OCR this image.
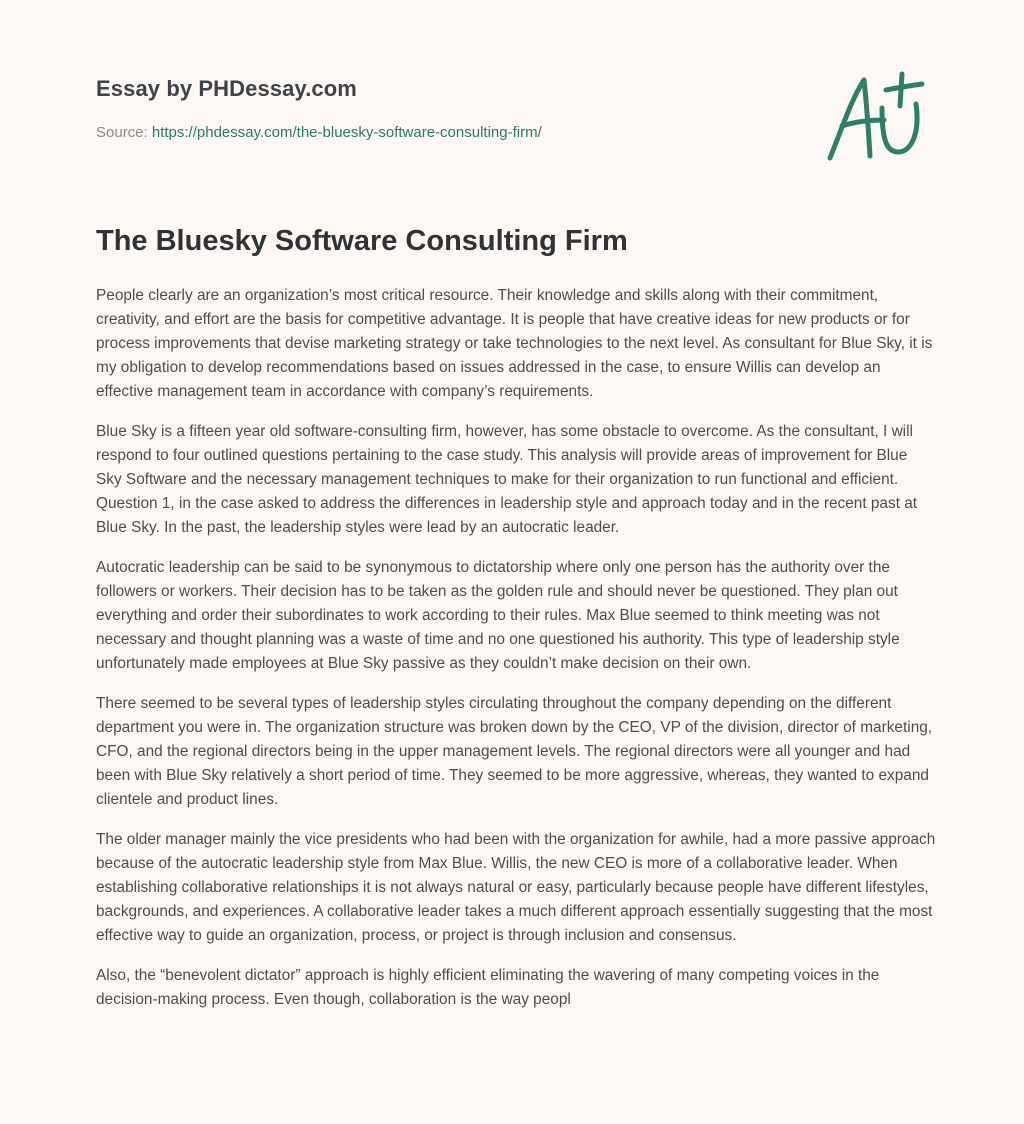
Essay by PHDessay.com
Source: https://phdessay.com/the-bluesky-software-consulting-firm/
The Bluesky Software Consulting Firm

People clearly are an organization’s most critical resource. Their knowledge and skills along with their commitment, creativity, and effort are the basis for competitive advantage. It is people that have creative ideas for new products or for process improvements that devise marketing strategy or take technologies to the next level. As consultant for Blue Sky, it is my obligation to develop recommendations based on issues addressed in the case, to ensure Willis can develop an effective management team in accordance with company’s requirements.

Blue Sky is a fifteen year old software-consulting firm, however, has some obstacle to overcome. As the consultant, I will respond to four outlined questions pertaining to the case study. This analysis will provide areas of improvement for Blue Sky Software and the necessary management techniques to make for their organization to run functional and efficient. Question 1, in the case asked to address the differences in leadership style and approach today and in the recent past at Blue Sky. In the past, the leadership styles were lead by an autocratic leader.

Autocratic leadership can be said to be synonymous to dictatorship where only one person has the authority over the followers or workers. Their decision has to be taken as the golden rule and should never be questioned. They plan out everything and order their subordinates to work according to their rules. Max Blue seemed to think meeting was not necessary and thought planning was a waste of time and no one questioned his authority. This type of leadership style unfortunately made employees at Blue Sky passive as they couldn’t make decision on their own.

There seemed to be several types of leadership styles circulating throughout the company depending on the different department you were in. The organization structure was broken down by the CEO, VP of the division, director of marketing, CFO, and the regional directors being in the upper management levels. The regional directors were all younger and had been with Blue Sky relatively a short period of time. They seemed to be more aggressive, whereas, they wanted to expand clientele and product lines.

The older manager mainly the vice presidents who had been with the organization for awhile, had a more passive approach because of the autocratic leadership style from Max Blue. Willis, the new CEO is more of a collaborative leader. When establishing collaborative relationships it is not always natural or easy, particularly because people have different lifestyles, backgrounds, and experiences. A collaborative leader takes a much different approach essentially suggesting that the most effective way to guide an organization, process, or project is through inclusion and consensus.

Also, the “benevolent dictator” approach is highly efficient eliminating the wavering of many competing voices in the decision-making process. Even though, collaboration is the way peopl
